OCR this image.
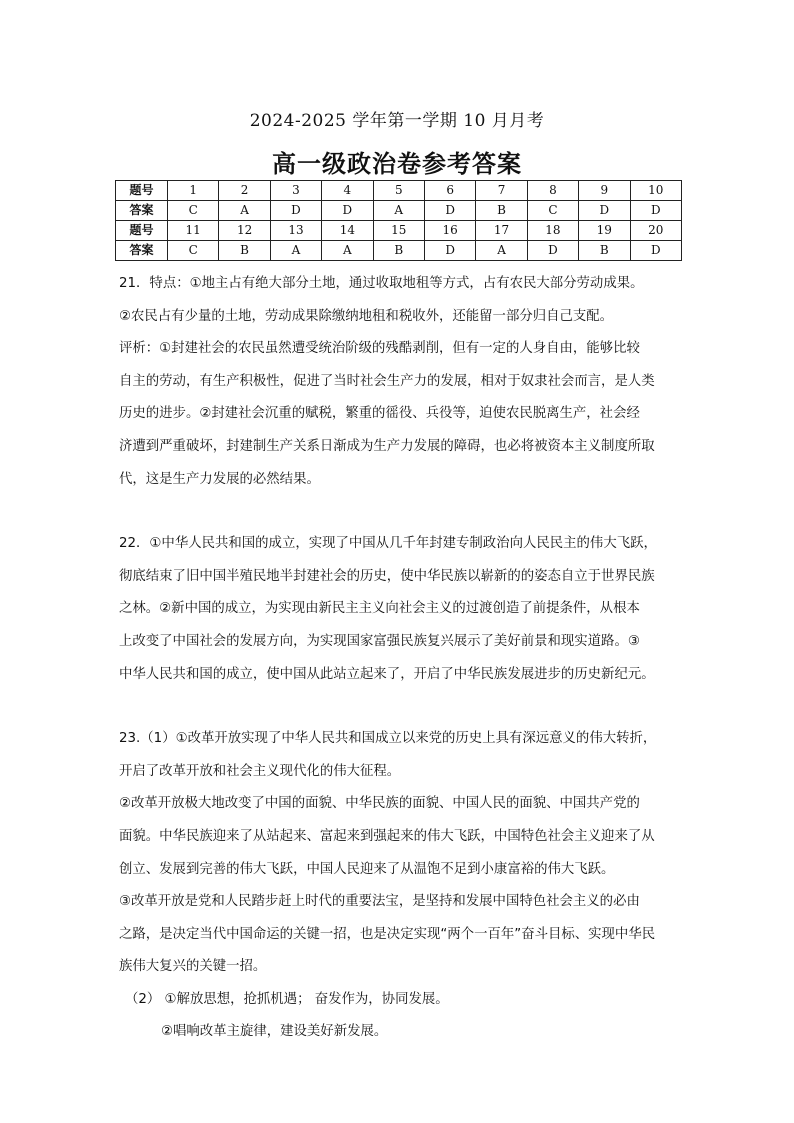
2024-2025 学年第一学期 10 月月考
高一级政治卷参考答案
题号	1	2	3	4	5	6	7	8	9	10
答案	C	A	D	D	A	D	B	C	D	D
题号	11	12	13	14	15	16	17	18	19	20
答案	C	B	A	A	B	D	A	D	B	D

21．特点：①地主占有绝大部分土地，通过收取地租等方式，占有农民大部分劳动成果。

②农民占有少量的土地，劳动成果除缴纳地租和税收外，还能留一部分归自己支配。

评析：①封建社会的农民虽然遭受统治阶级的残酷剥削，但有一定的人身自由，能够比较

自主的劳动，有生产积极性，促进了当时社会生产力的发展，相对于奴隶社会而言，是人类

历史的进步。②封建社会沉重的赋税，繁重的徭役、兵役等，迫使农民脱离生产，社会经

济遭到严重破坏，封建制生产关系日渐成为生产力发展的障碍，也必将被资本主义制度所取

代，这是生产力发展的必然结果。

22．①中华人民共和国的成立，实现了中国从几千年封建专制政治向人民民主的伟大飞跃，

彻底结束了旧中国半殖民地半封建社会的历史，使中华民族以崭新的的姿态自立于世界民族

之林。②新中国的成立，为实现由新民主主义向社会主义的过渡创造了前提条件，从根本

上改变了中国社会的发展方向，为实现国家富强民族复兴展示了美好前景和现实道路。③

中华人民共和国的成立，使中国从此站立起来了，开启了中华民族发展进步的历史新纪元。

23.（1）①改革开放实现了中华人民共和国成立以来党的历史上具有深远意义的伟大转折，

开启了改革开放和社会主义现代化的伟大征程。

②改革开放极大地改变了中国的面貌、中华民族的面貌、中国人民的面貌、中国共产党的

面貌。中华民族迎来了从站起来、富起来到强起来的伟大飞跃，中国特色社会主义迎来了从

创立、发展到完善的伟大飞跃，中国人民迎来了从温饱不足到小康富裕的伟大飞跃。

③改革开放是党和人民踏步赶上时代的重要法宝，是坚持和发展中国特色社会主义的必由

之路，是决定当代中国命运的关键一招，也是决定实现“两个一百年”奋斗目标、实现中华民

族伟大复兴的关键一招。

（2） ①解放思想，抢抓机遇； 奋发作为，协同发展。

②唱响改革主旋律，建设美好新发展。
